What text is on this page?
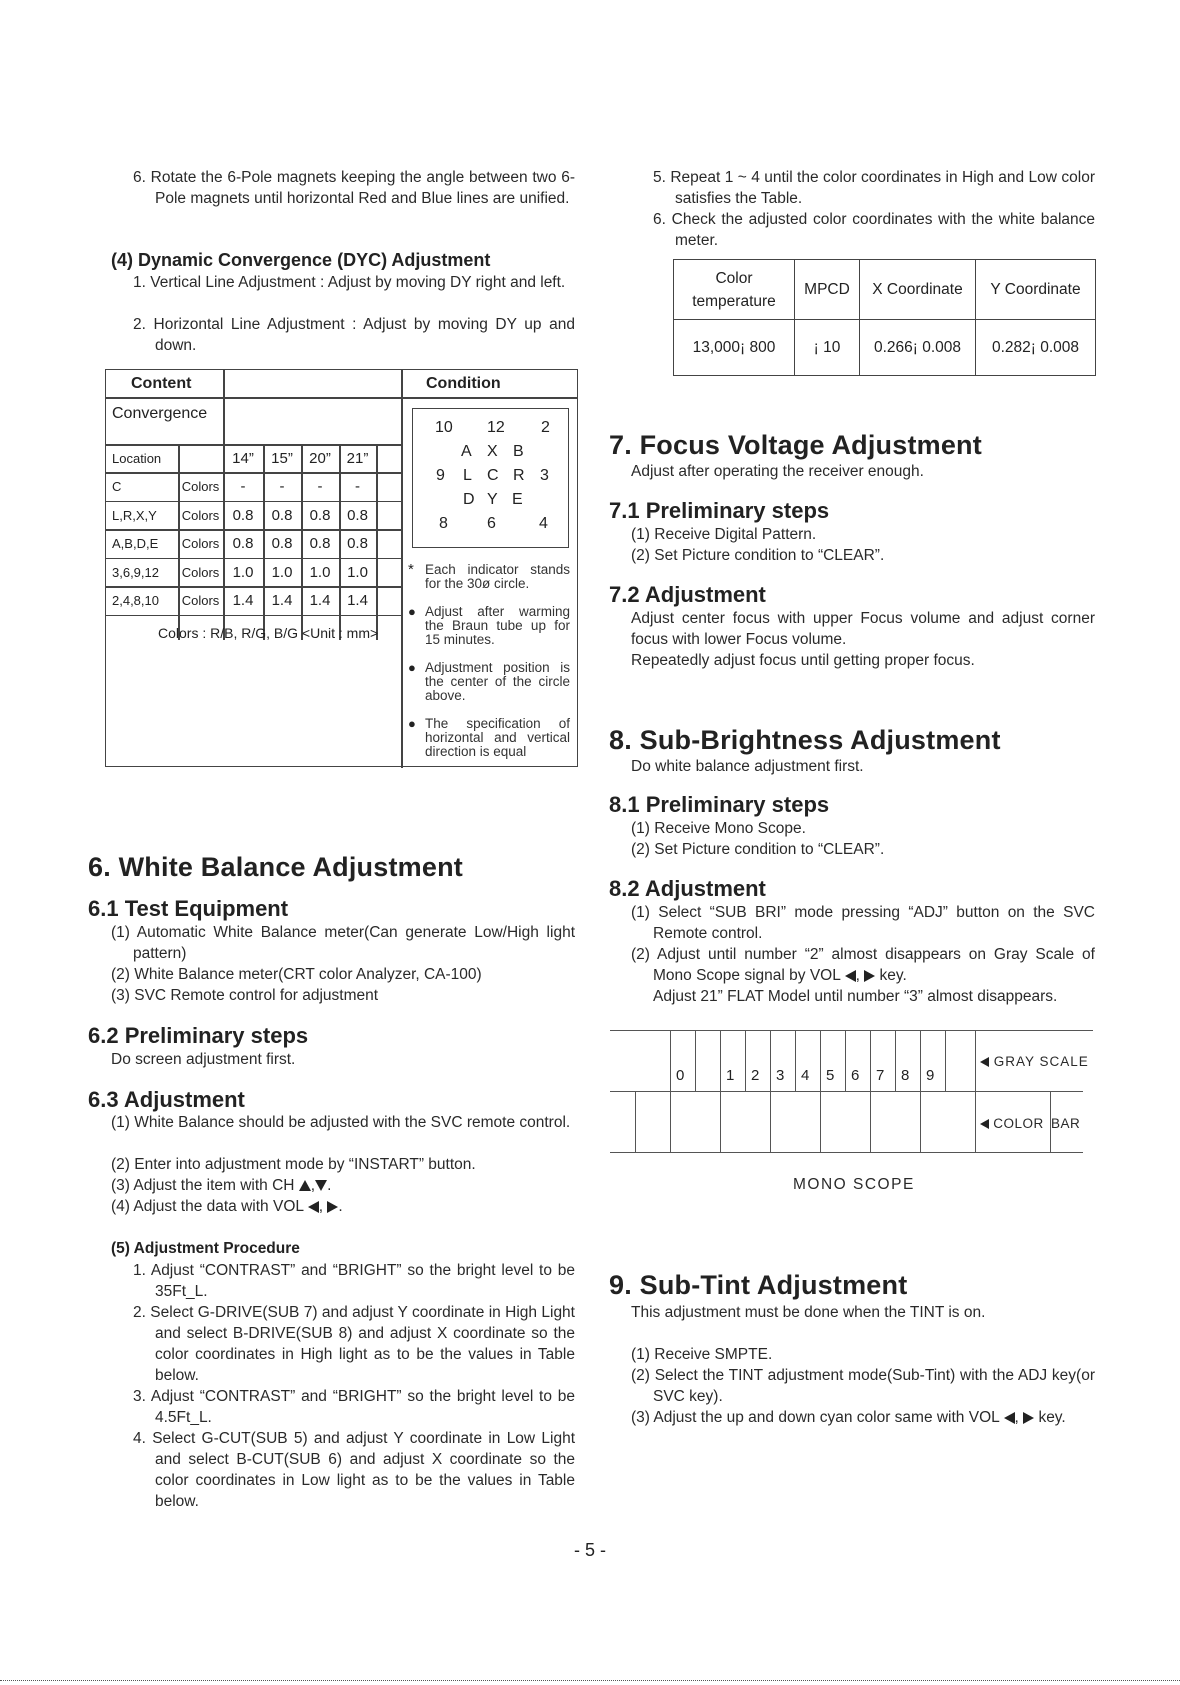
6. Rotate the 6-Pole magnets keeping the angle between two 6-Pole magnets until horizontal Red and Blue lines are unified.
(4) Dynamic Convergence (DYC) Adjustment
1. Vertical Line Adjustment : Adjust by moving DY right and left.
2. Horizontal Line Adjustment : Adjust by moving DY up and down.
Content	Condition
Convergence
Location	14”	15”	20”	21”
C	Colors	-	-	-	-
L,R,X,Y Colors 0.8	0.8	0.8	0.8
A,B,D,E Colors 0.8	0.8	0.8	0.8
3,6,9,12 Colors 1.0	1.0	1.0	1.0
2,4,8,10 Colors 1.4	1.4	1.4	1.4
Colors : R/B, R/G, B/G <Unit : mm>
10 12 2
A X B
9 L C R 3
D Y E
8 6	4
* Each indicator stands for the 30ø circle.
● Adjust after warming the Braun tube up for 15 minutes.
● Adjustment position is the center of the circle above.
● The specification of horizontal and vertical direction is equal
6. White Balance Adjustment
6.1 Test Equipment
(1) Automatic White Balance meter(Can generate Low/High light pattern)
(2) White Balance meter(CRT color Analyzer, CA-100)
(3) SVC Remote control for adjustment
6.2 Preliminary steps
Do screen adjustment first.
6.3 Adjustment
(1) White Balance should be adjusted with the SVC remote control.
(2) Enter into adjustment mode by “INSTART” button.
(3) Adjust the item with CH , .
(4) Adjust the data with VOL , .
(5) Adjustment Procedure
1. Adjust “CONTRAST” and “BRIGHT” so the bright level to be 35Ft_L.
2. Select G-DRIVE(SUB 7) and adjust Y coordinate in High Light and select B-DRIVE(SUB 8) and adjust X coordinate so the color coordinates in High light as to be the values in Table below.
3. Adjust “CONTRAST” and “BRIGHT” so the bright level to be 4.5Ft_L.
4. Select G-CUT(SUB 5) and adjust Y coordinate in Low Light and select B-CUT(SUB 6) and adjust X coordinate so the color coordinates in Low light as to be the values in Table below.
5. Repeat 1 ~ 4 until the color coordinates in High and Low color satisfies the Table.
6. Check the adjusted color coordinates with the white balance meter.
Color temperature	MPCD	X Coordinate	Y Coordinate
13,000¡ 800	¡ 10	0.266¡ 0.008	0.282¡ 0.008
7. Focus Voltage Adjustment
Adjust after operating the receiver enough.
7.1 Preliminary steps
(1) Receive Digital Pattern.
(2) Set Picture condition to “CLEAR”.
7.2 Adjustment
Adjust center focus with upper Focus volume and adjust corner focus with lower Focus volume.
Repeatedly adjust focus until getting proper focus.
8. Sub-Brightness Adjustment
Do white balance adjustment first.
8.1 Preliminary steps
(1) Receive Mono Scope.
(2) Set Picture condition to “CLEAR”.
8.2 Adjustment
(1) Select “SUB BRI” mode pressing “ADJ” button on the SVC Remote control.
(2) Adjust until number “2” almost disappears on Gray Scale of Mono Scope signal by VOL ,  key.
Adjust 21” FLAT Model until number “3” almost disappears.
0	1 2 3 4 5 6 7 8 9
GRAY SCALE
COLOR BAR
MONO SCOPE
9. Sub-Tint Adjustment
This adjustment must be done when the TINT is on.
(1) Receive SMPTE.
(2) Select the TINT adjustment mode(Sub-Tint) with the ADJ key(or SVC key).
(3) Adjust the up and down cyan color same with VOL ,  key.
- 5 -
